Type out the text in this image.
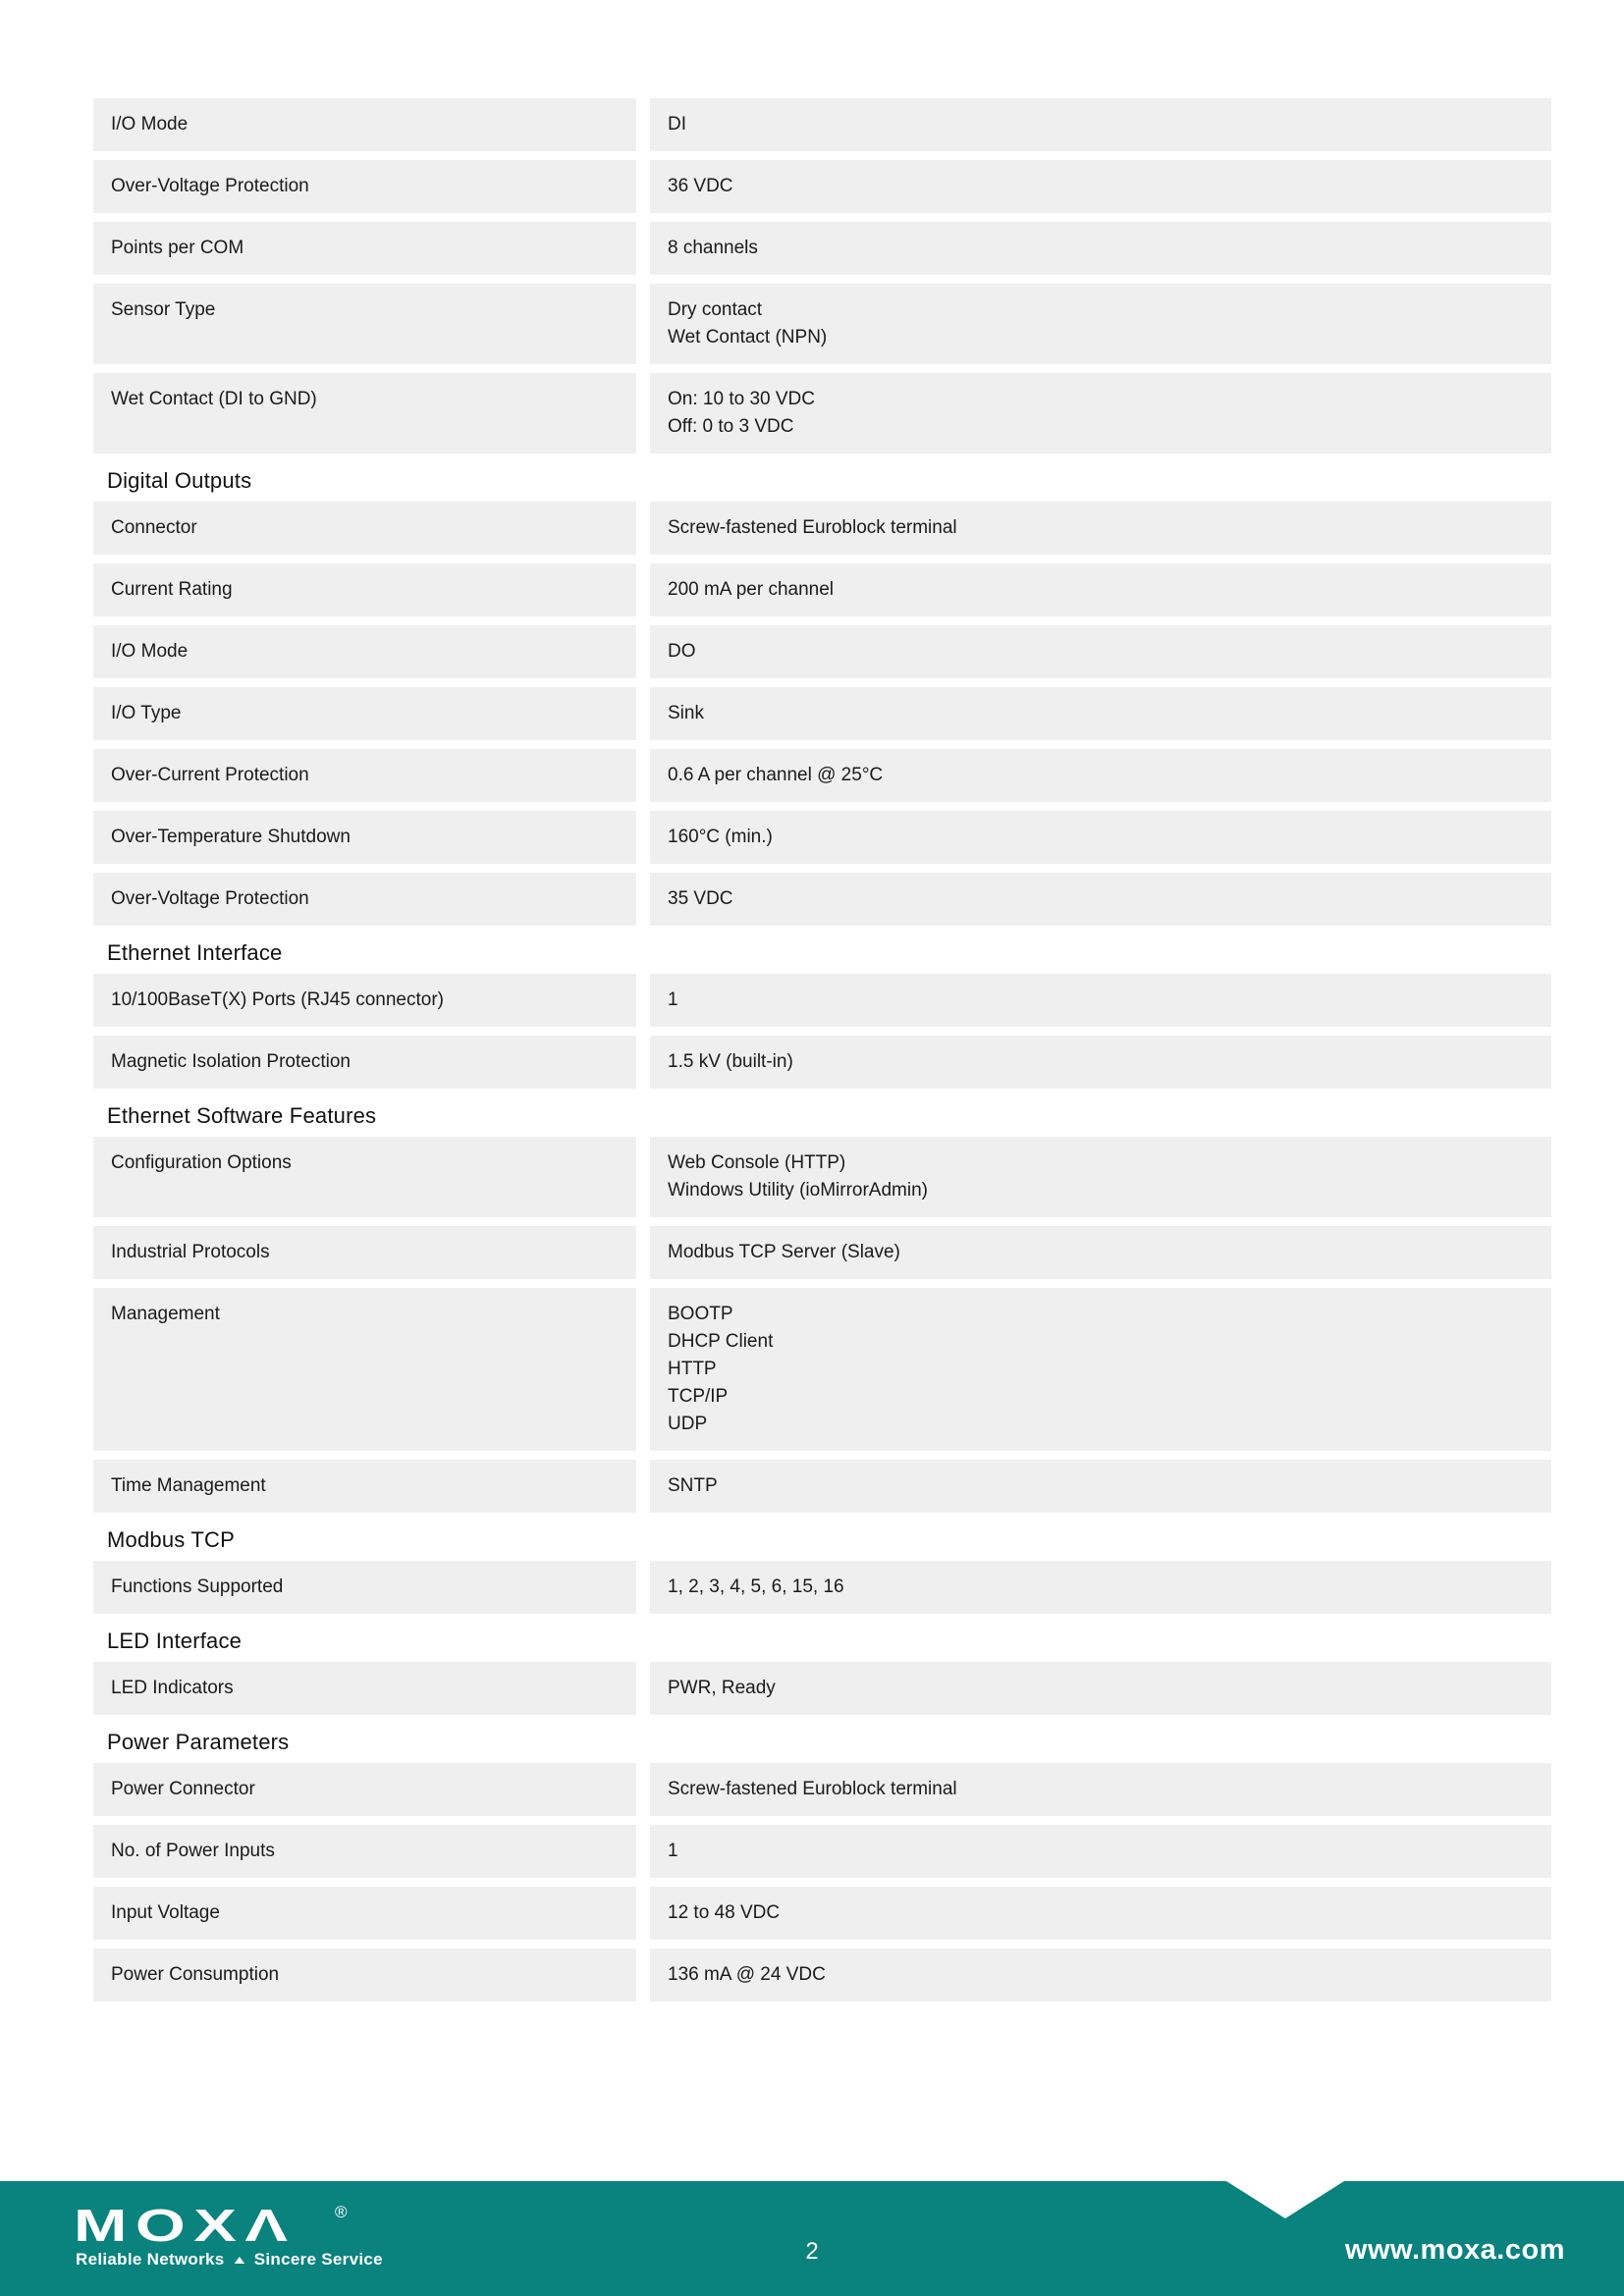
I/O Mode	DI
Over-Voltage Protection	36 VDC
Points per COM	8 channels
Sensor Type	Dry contact
Wet Contact (NPN)
Wet Contact (DI to GND)	On: 10 to 30 VDC
Off: 0 to 3 VDC
Digital Outputs
Connector	Screw-fastened Euroblock terminal
Current Rating	200 mA per channel
I/O Mode	DO
I/O Type	Sink
Over-Current Protection	0.6 A per channel @ 25°C
Over-Temperature Shutdown	160°C (min.)
Over-Voltage Protection	35 VDC
Ethernet Interface
10/100BaseT(X) Ports (RJ45 connector)	1
Magnetic Isolation Protection	1.5 kV (built-in)
Ethernet Software Features
Configuration Options	Web Console (HTTP)
Windows Utility (ioMirrorAdmin)
Industrial Protocols	Modbus TCP Server (Slave)
Management	BOOTP
DHCP Client
HTTP
TCP/IP
UDP
Time Management	SNTP
Modbus TCP
Functions Supported	1, 2, 3, 4, 5, 6, 15, 16
LED Interface
LED Indicators	PWR, Ready
Power Parameters
Power Connector	Screw-fastened Euroblock terminal
No. of Power Inputs	1
Input Voltage	12 to 48 VDC
Power Consumption	136 mA @ 24 VDC
MOXΛ ®
Reliable Networks ▲ Sincere Service	2	www.moxa.com
